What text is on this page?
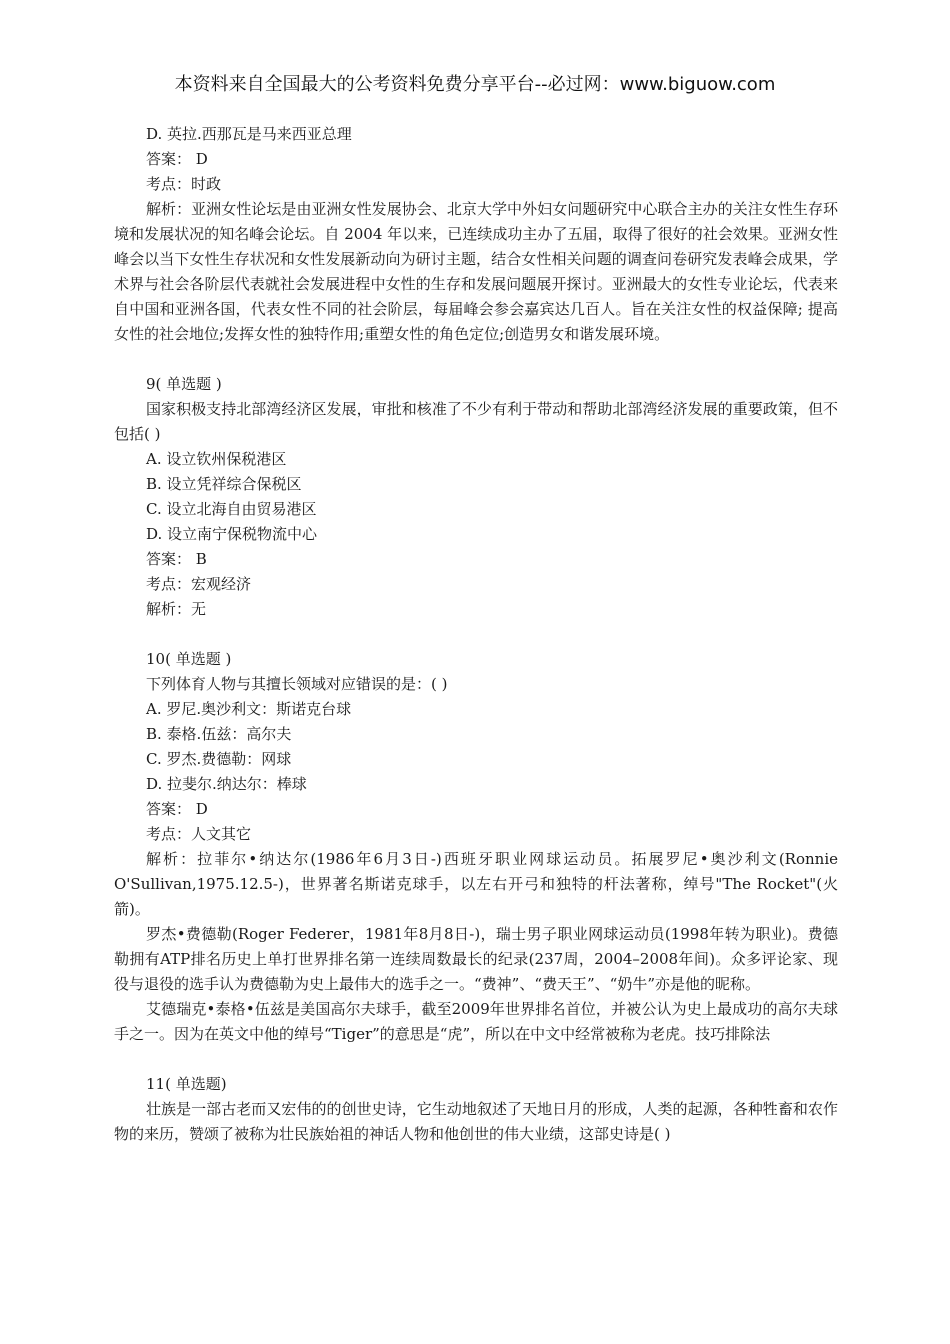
本资料来自全国最大的公考资料免费分享平台--必过网：www.biguow.com
D. 英拉.西那瓦是马来西亚总理
答案： D
考点：时政

解析：亚洲女性论坛是由亚洲女性发展协会、北京大学中外妇女问题研究中心联合主办的关注女性生存环境和发展状况的知名峰会论坛。自 2004 年以来，已连续成功主办了五届，取得了很好的社会效果。亚洲女性峰会以当下女性生存状况和女性发展新动向为研讨主题，结合女性相关问题的调查问卷研究发表峰会成果，学术界与社会各阶层代表就社会发展进程中女性的生存和发展问题展开探讨。亚洲最大的女性专业论坛，代表来自中国和亚洲各国，代表女性不同的社会阶层，每届峰会参会嘉宾达几百人。旨在关注女性的权益保障; 提高女性的社会地位;发挥女性的独特作用;重塑女性的角色定位;创造男女和谐发展环境。

9( 单选题 )

国家积极支持北部湾经济区发展，审批和核准了不少有利于带动和帮助北部湾经济发展的重要政策，但不包括( )

A. 设立钦州保税港区
B. 设立凭祥综合保税区
C. 设立北海自由贸易港区
D. 设立南宁保税物流中心
答案： B
考点：宏观经济
解析：无
10( 单选题 )
下列体育人物与其擅长领域对应错误的是：( )
A. 罗尼.奥沙利文：斯诺克台球
B. 泰格.伍兹：高尔夫
C. 罗杰.费德勒：网球
D. 拉斐尔.纳达尔：棒球
答案： D
考点：人文其它

解析：拉菲尔•纳达尔(1986年6月3日-)西班牙职业网球运动员。拓展罗尼•奥沙利文(Ronnie O'Sullivan,1975.12.5-)，世界著名斯诺克球手，以左右开弓和独特的杆法著称，绰号"The Rocket"(火箭)。

罗杰•费德勒(Roger Federer，1981年8月8日-)，瑞士男子职业网球运动员(1998年转为职业)。费德勒拥有ATP排名历史上单打世界排名第一连续周数最长的纪录(237周，2004–2008年间)。众多评论家、现役与退役的选手认为费德勒为史上最伟大的选手之一。“费神”、“费天王”、“奶牛”亦是他的昵称。

艾德瑞克•泰格•伍兹是美国高尔夫球手，截至2009年世界排名首位，并被公认为史上最成功的高尔夫球手之一。因为在英文中他的绰号“Tiger”的意思是“虎”，所以在中文中经常被称为老虎。技巧排除法

11( 单选题)

壮族是一部古老而又宏伟的的创世史诗，它生动地叙述了天地日月的形成，人类的起源，各种牲畜和农作物的来历，赞颂了被称为壮民族始祖的神话人物和他创世的伟大业绩，这部史诗是( )
